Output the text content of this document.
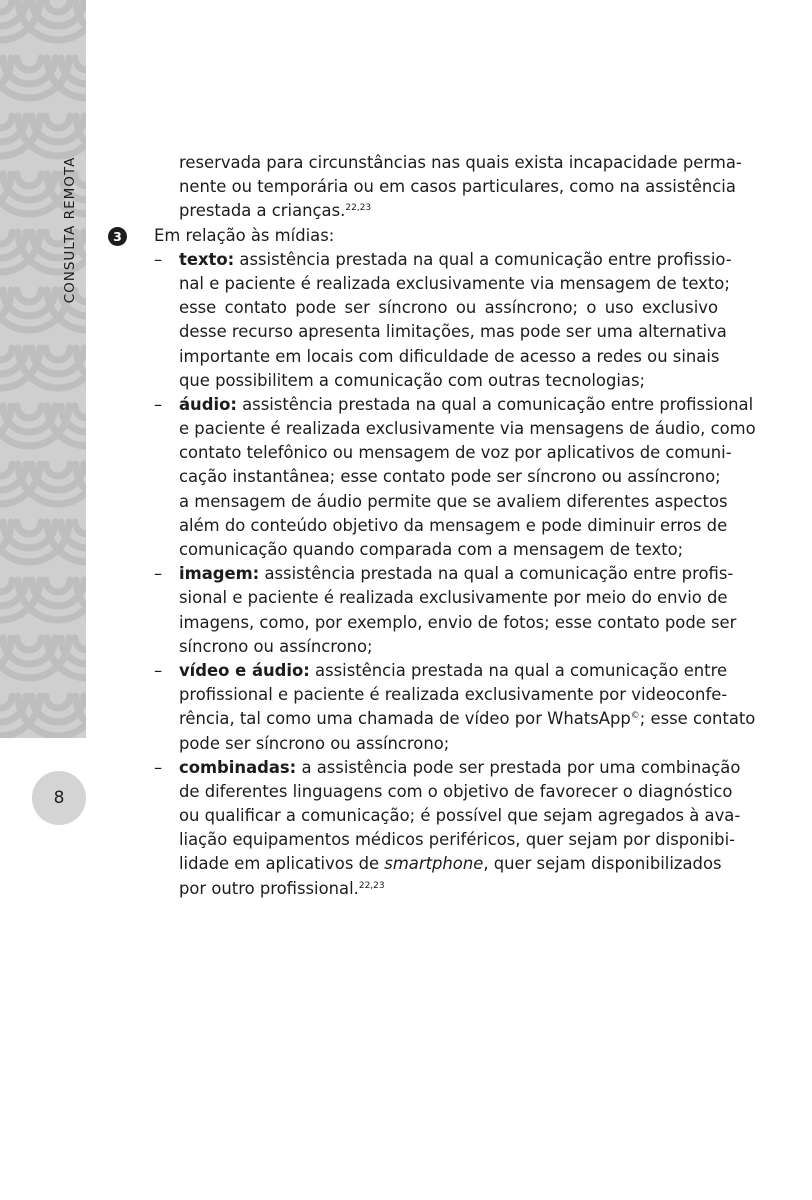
CONSULTA REMOTA
8
reservada para circunstâncias nas quais exista incapacidade perma-
nente ou temporária ou em casos particulares, como na assistência
prestada a crianças.$^{22,23}$
3	Em relação às mídias:
–	texto: assistência prestada na qual a comunicação entre profissio-
nal e paciente é realizada exclusivamente via mensagem de texto;
esse contato pode ser síncrono ou assíncrono; o uso exclusivo
desse recurso apresenta limitações, mas pode ser uma alternativa
importante em locais com dificuldade de acesso a redes ou sinais
que possibilitem a comunicação com outras tecnologias;
–	áudio: assistência prestada na qual a comunicação entre profissional
e paciente é realizada exclusivamente via mensagens de áudio, como
contato telefônico ou mensagem de voz por aplicativos de comuni-
cação instantânea; esse contato pode ser síncrono ou assíncrono;
a mensagem de áudio permite que se avaliem diferentes aspectos
além do conteúdo objetivo da mensagem e pode diminuir erros de
comunicação quando comparada com a mensagem de texto;
–	imagem: assistência prestada na qual a comunicação entre profis-
sional e paciente é realizada exclusivamente por meio do envio de
imagens, como, por exemplo, envio de fotos; esse contato pode ser
síncrono ou assíncrono;
–	vídeo e áudio: assistência prestada na qual a comunicação entre
profissional e paciente é realizada exclusivamente por videoconfe-
rência, tal como uma chamada de vídeo por WhatsApp©; esse contato
pode ser síncrono ou assíncrono;
–	combinadas: a assistência pode ser prestada por uma combinação
de diferentes linguagens com o objetivo de favorecer o diagnóstico
ou qualificar a comunicação; é possível que sejam agregados à ava-
liação equipamentos médicos periféricos, quer sejam por disponibi-
lidade em aplicativos de smartphone, quer sejam disponibilizados
por outro profissional.$^{22,23}$
